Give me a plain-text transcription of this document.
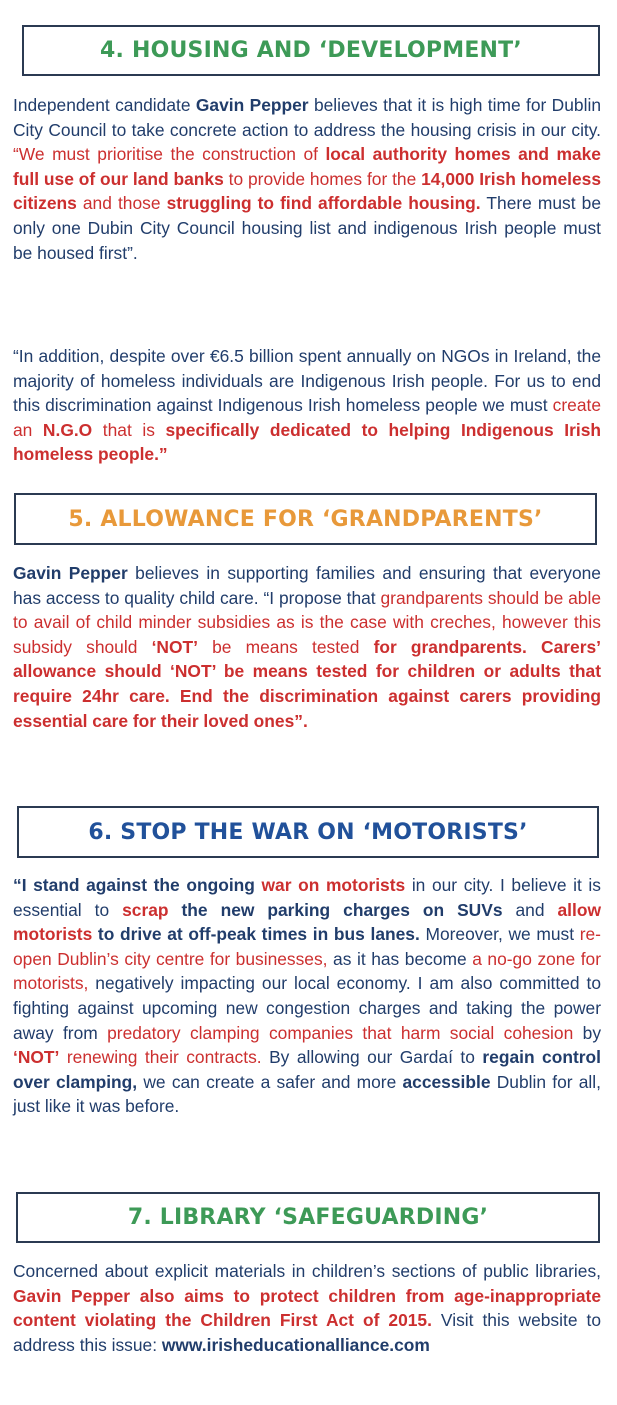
4. HOUSING AND ‘DEVELOPMENT’

Independent candidate Gavin Pepper believes that it is high time for Dublin City Council to take concrete action to address the housing crisis in our city. “We must prioritise the construction of local authority homes and make full use of our land banks to provide homes for the 14,000 Irish homeless citizens and those struggling to find affordable housing. There must be only one Dubin City Council housing list and indigenous Irish people must be housed first”.

“In addition, despite over €6.5 billion spent annually on NGOs in Ireland, the majority of homeless individuals are Indigenous Irish people. For us to end this discrimination against Indigenous Irish homeless people we must create an N.G.O that is specifically dedicated to helping Indigenous Irish homeless people.”

5. ALLOWANCE FOR ‘GRANDPARENTS’

Gavin Pepper believes in supporting families and ensuring that everyone has access to quality child care. “I propose that grandparents should be able to avail of child minder subsidies as is the case with creches, however this subsidy should ‘NOT’ be means tested for grandparents. Carers’ allowance should ‘NOT’ be means tested for children or adults that require 24hr care. End the discrimination against carers providing essential care for their loved ones”.

6. STOP THE WAR ON ‘MOTORISTS’

“I stand against the ongoing war on motorists in our city. I believe it is essential to scrap the new parking charges on SUVs and allow motorists to drive at off-peak times in bus lanes. Moreover, we must re-open Dublin’s city centre for businesses, as it has become a no-go zone for motorists, negatively impacting our local economy. I am also committed to fighting against upcoming new congestion charges and taking the power away from predatory clamping companies that harm social cohesion by ‘NOT’ renewing their contracts. By allowing our Gardaí to regain control over clamping, we can create a safer and more accessible Dublin for all, just like it was before.

7. LIBRARY ‘SAFEGUARDING’

Concerned about explicit materials in children’s sections of public libraries, Gavin Pepper also aims to protect children from age-inappropriate content violating the Children First Act of 2015. Visit this website to address this issue: www.irisheducationalliance.com
